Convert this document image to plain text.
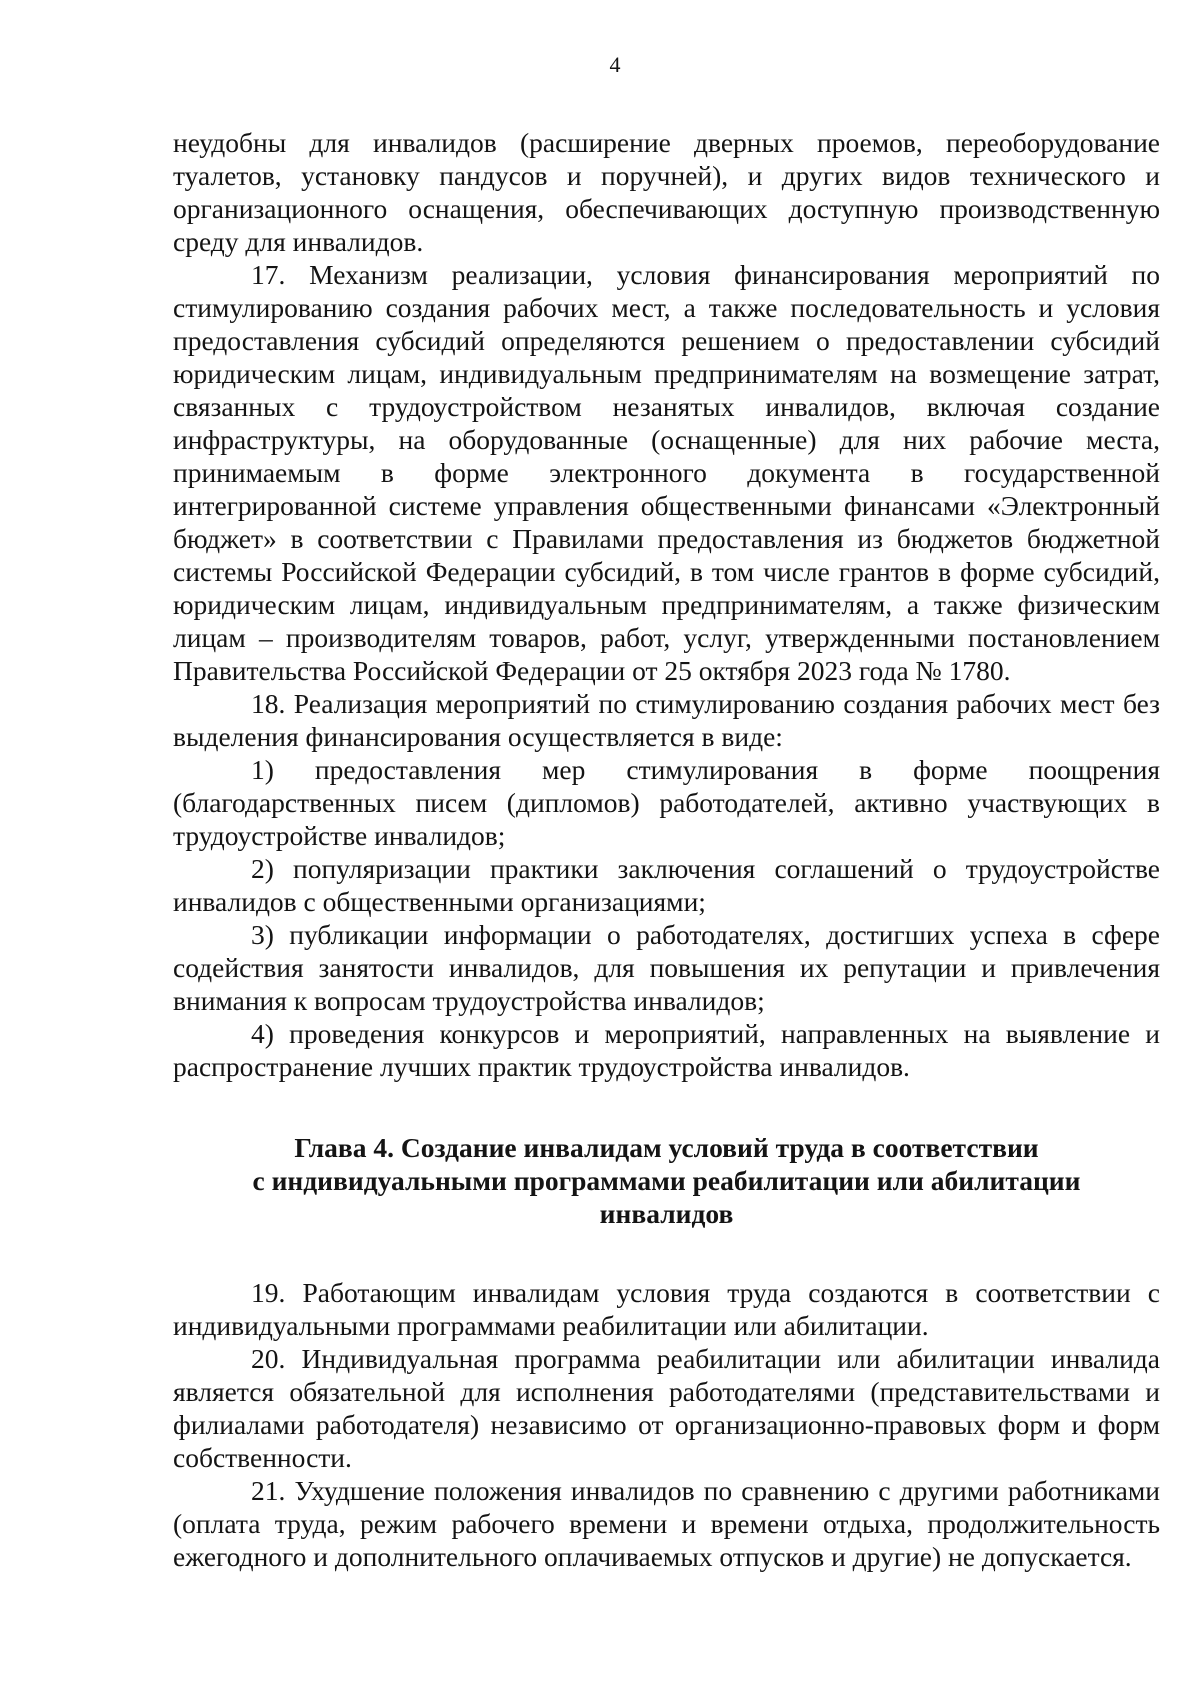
4

неудобны для инвалидов (расширение дверных проемов, переоборудование туалетов, установку пандусов и поручней), и других видов технического и организационного оснащения, обеспечивающих доступную производственную среду для инвалидов.

17. Механизм реализации, условия финансирования мероприятий по стимулированию создания рабочих мест, а также последовательность и условия предоставления субсидий определяются решением о предоставлении субсидий юридическим лицам, индивидуальным предпринимателям на возмещение затрат, связанных с трудоустройством незанятых инвалидов, включая создание инфраструктуры, на оборудованные (оснащенные) для них рабочие места, принимаемым в форме электронного документа в государственной интегрированной системе управления общественными финансами «Электронный бюджет» в соответствии с Правилами предоставления из бюджетов бюджетной системы Российской Федерации субсидий, в том числе грантов в форме субсидий, юридическим лицам, индивидуальным предпринимателям, а также физическим лицам – производителям товаров, работ, услуг, утвержденными постановлением Правительства Российской Федерации от 25 октября 2023 года № 1780.

18. Реализация мероприятий по стимулированию создания рабочих мест без выделения финансирования осуществляется в виде:

1) предоставления мер стимулирования в форме поощрения (благодарственных писем (дипломов) работодателей, активно участвующих в трудоустройстве инвалидов;

2) популяризации практики заключения соглашений о трудоустройстве инвалидов с общественными организациями;

3) публикации информации о работодателях, достигших успеха в сфере содействия занятости инвалидов, для повышения их репутации и привлечения внимания к вопросам трудоустройства инвалидов;

4) проведения конкурсов и мероприятий, направленных на выявление и распространение лучших практик трудоустройства инвалидов.

Глава 4. Создание инвалидам условий труда в соответствии
с индивидуальными программами реабилитации или абилитации
инвалидов

19. Работающим инвалидам условия труда создаются в соответствии с индивидуальными программами реабилитации или абилитации.

20. Индивидуальная программа реабилитации или абилитации инвалида является обязательной для исполнения работодателями (представительствами и филиалами работодателя) независимо от организационно-правовых форм и форм собственности.

21. Ухудшение положения инвалидов по сравнению с другими работниками (оплата труда, режим рабочего времени и времени отдыха, продолжительность ежегодного и дополнительного оплачиваемых отпусков и другие) не допускается.
